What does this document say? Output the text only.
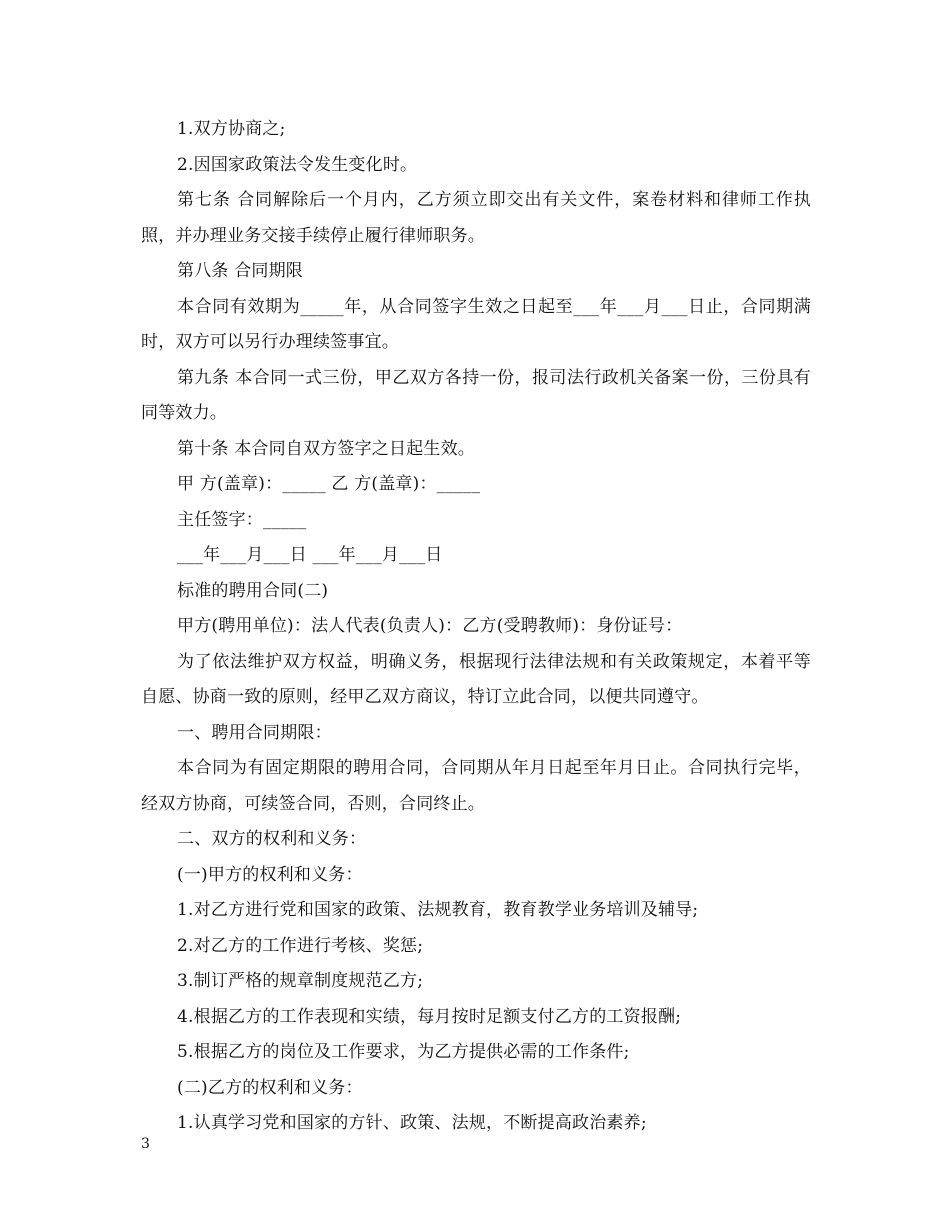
1.双方协商之;

2.因国家政策法令发生变化时。

第七条 合同解除后一个月内，乙方须立即交出有关文件，案卷材料和律师工作执照，并办理业务交接手续停止履行律师职务。

第八条 合同期限

本合同有效期为_____年，从合同签字生效之日起至___年___月___日止，合同期满时，双方可以另行办理续签事宜。

第九条 本合同一式三份，甲乙双方各持一份，报司法行政机关备案一份，三份具有同等效力。

第十条 本合同自双方签字之日起生效。

甲 方(盖章)：_____ 乙 方(盖章)：_____

主任签字：_____

___年___月___日 ___年___月___日

标准的聘用合同(二)

甲方(聘用单位)：法人代表(负责人)：乙方(受聘教师)：身份证号：

为了依法维护双方权益，明确义务，根据现行法律法规和有关政策规定，本着平等自愿、协商一致的原则，经甲乙双方商议，特订立此合同，以便共同遵守。

一、聘用合同期限：

本合同为有固定期限的聘用合同，合同期从年月日起至年月日止。合同执行完毕，经双方协商，可续签合同，否则，合同终止。

二、双方的权利和义务：

(一)甲方的权利和义务：

1.对乙方进行党和国家的政策、法规教育，教育教学业务培训及辅导;

2.对乙方的工作进行考核、奖惩;

3.制订严格的规章制度规范乙方;

4.根据乙方的工作表现和实绩，每月按时足额支付乙方的工资报酬;

5.根据乙方的岗位及工作要求，为乙方提供必需的工作条件;

(二)乙方的权利和义务：

1.认真学习党和国家的方针、政策、法规，不断提高政治素养;

3
